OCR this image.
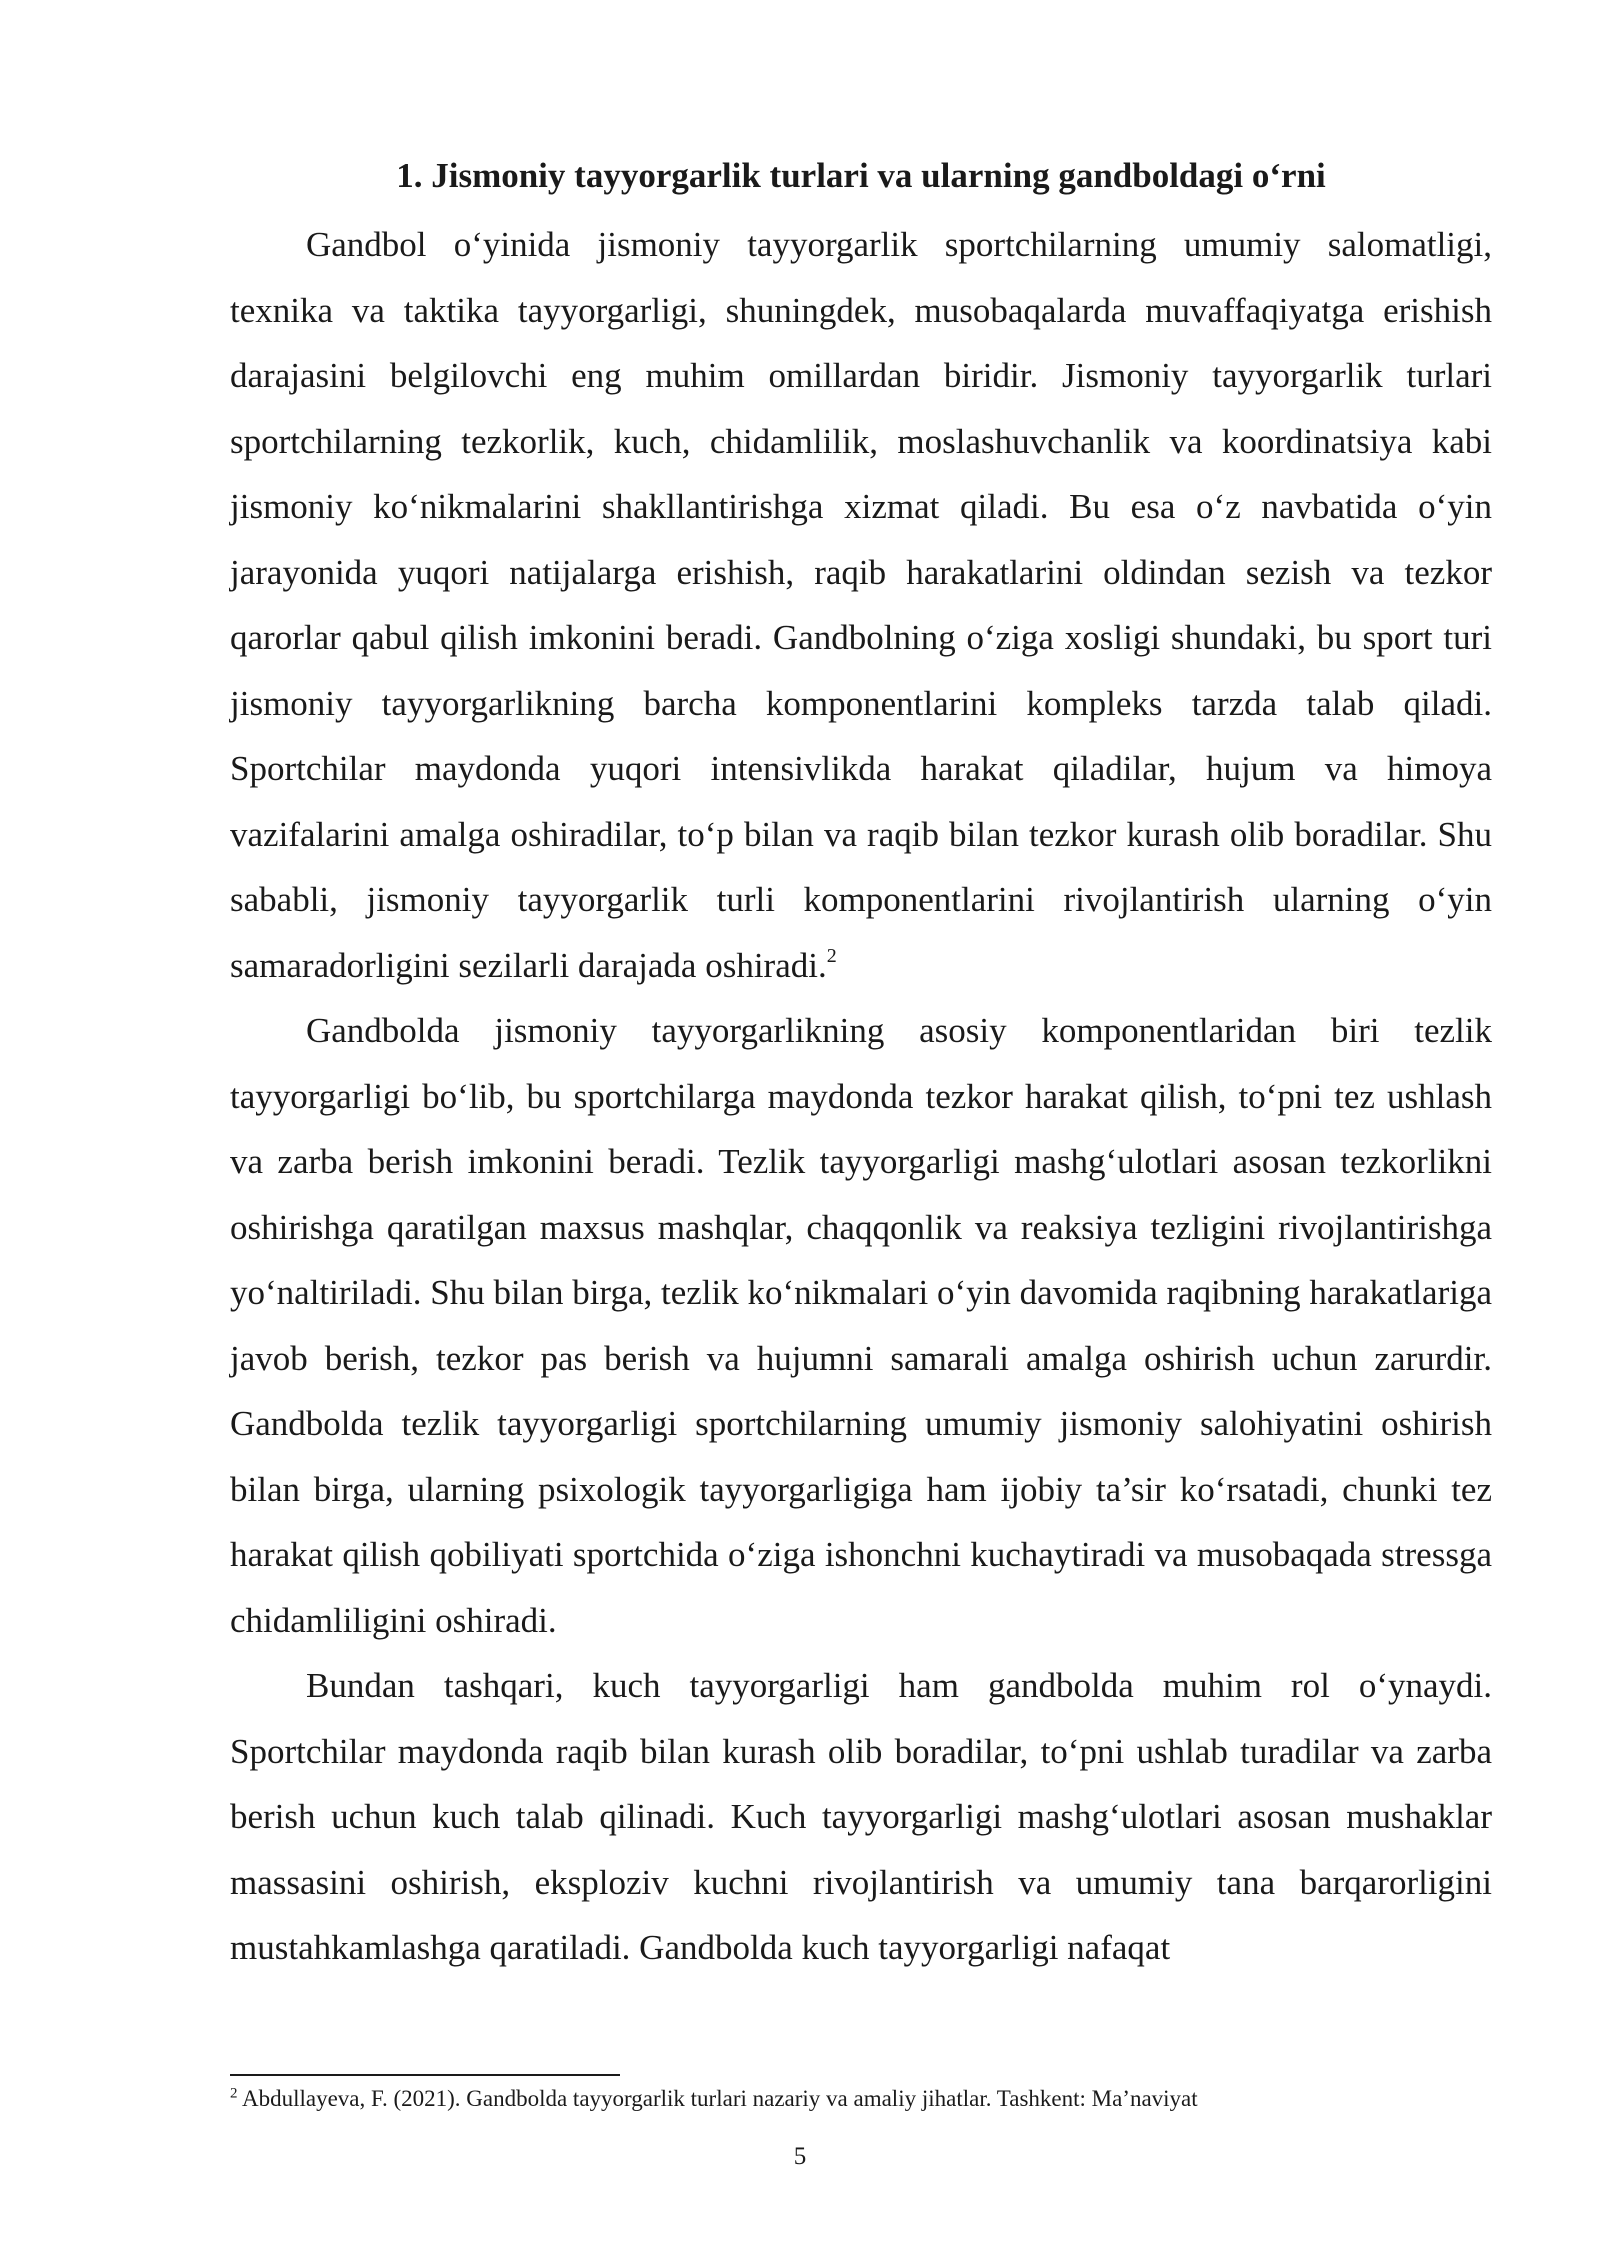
1. Jismoniy tayyorgarlik turlari va ularning gandboldagi o‘rni

Gandbol o‘yinida jismoniy tayyorgarlik sportchilarning umumiy salomatligi, texnika va taktika tayyorgarligi, shuningdek, musobaqalarda muvaffaqiyatga erishish darajasini belgilovchi eng muhim omillardan biridir. Jismoniy tayyorgarlik turlari sportchilarning tezkorlik, kuch, chidamlilik, moslashuvchanlik va koordinatsiya kabi jismoniy ko‘nikmalarini shakllantirishga xizmat qiladi. Bu esa o‘z navbatida o‘yin jarayonida yuqori natijalarga erishish, raqib harakatlarini oldindan sezish va tezkor qarorlar qabul qilish imkonini beradi. Gandbolning o‘ziga xosligi shundaki, bu sport turi jismoniy tayyorgarlikning barcha komponentlarini kompleks tarzda talab qiladi. Sportchilar maydonda yuqori intensivlikda harakat qiladilar, hujum va himoya vazifalarini amalga oshiradilar, to‘p bilan va raqib bilan tezkor kurash olib boradilar. Shu sababli, jismoniy tayyorgarlik turli komponentlarini rivojlantirish ularning o‘yin samaradorligini sezilarli darajada oshiradi.$^2$

Gandbolda jismoniy tayyorgarlikning asosiy komponentlaridan biri tezlik tayyorgarligi bo‘lib, bu sportchilarga maydonda tezkor harakat qilish, to‘pni tez ushlash va zarba berish imkonini beradi. Tezlik tayyorgarligi mashg‘ulotlari asosan tezkorlikni oshirishga qaratilgan maxsus mashqlar, chaqqonlik va reaksiya tezligini rivojlantirishga yo‘naltiriladi. Shu bilan birga, tezlik ko‘nikmalari o‘yin davomida raqibning harakatlariga javob berish, tezkor pas berish va hujumni samarali amalga oshirish uchun zarurdir. Gandbolda tezlik tayyorgarligi sportchilarning umumiy jismoniy salohiyatini oshirish bilan birga, ularning psixologik tayyorgarligiga ham ijobiy ta’sir ko‘rsatadi, chunki tez harakat qilish qobiliyati sportchida o‘ziga ishonchni kuchaytiradi va musobaqada stressga chidamliligini oshiradi.

Bundan tashqari, kuch tayyorgarligi ham gandbolda muhim rol o‘ynaydi. Sportchilar maydonda raqib bilan kurash olib boradilar, to‘pni ushlab turadilar va zarba berish uchun kuch talab qilinadi. Kuch tayyorgarligi mashg‘ulotlari asosan mushaklar massasini oshirish, eksploziv kuchni rivojlantirish va umumiy tana barqarorligini mustahkamlashga qaratiladi. Gandbolda kuch tayyorgarligi nafaqat

$^2$ Abdullayeva, F. (2021). Gandbolda tayyorgarlik turlari nazariy va amaliy jihatlar. Tashkent: Ma’naviyat
5
